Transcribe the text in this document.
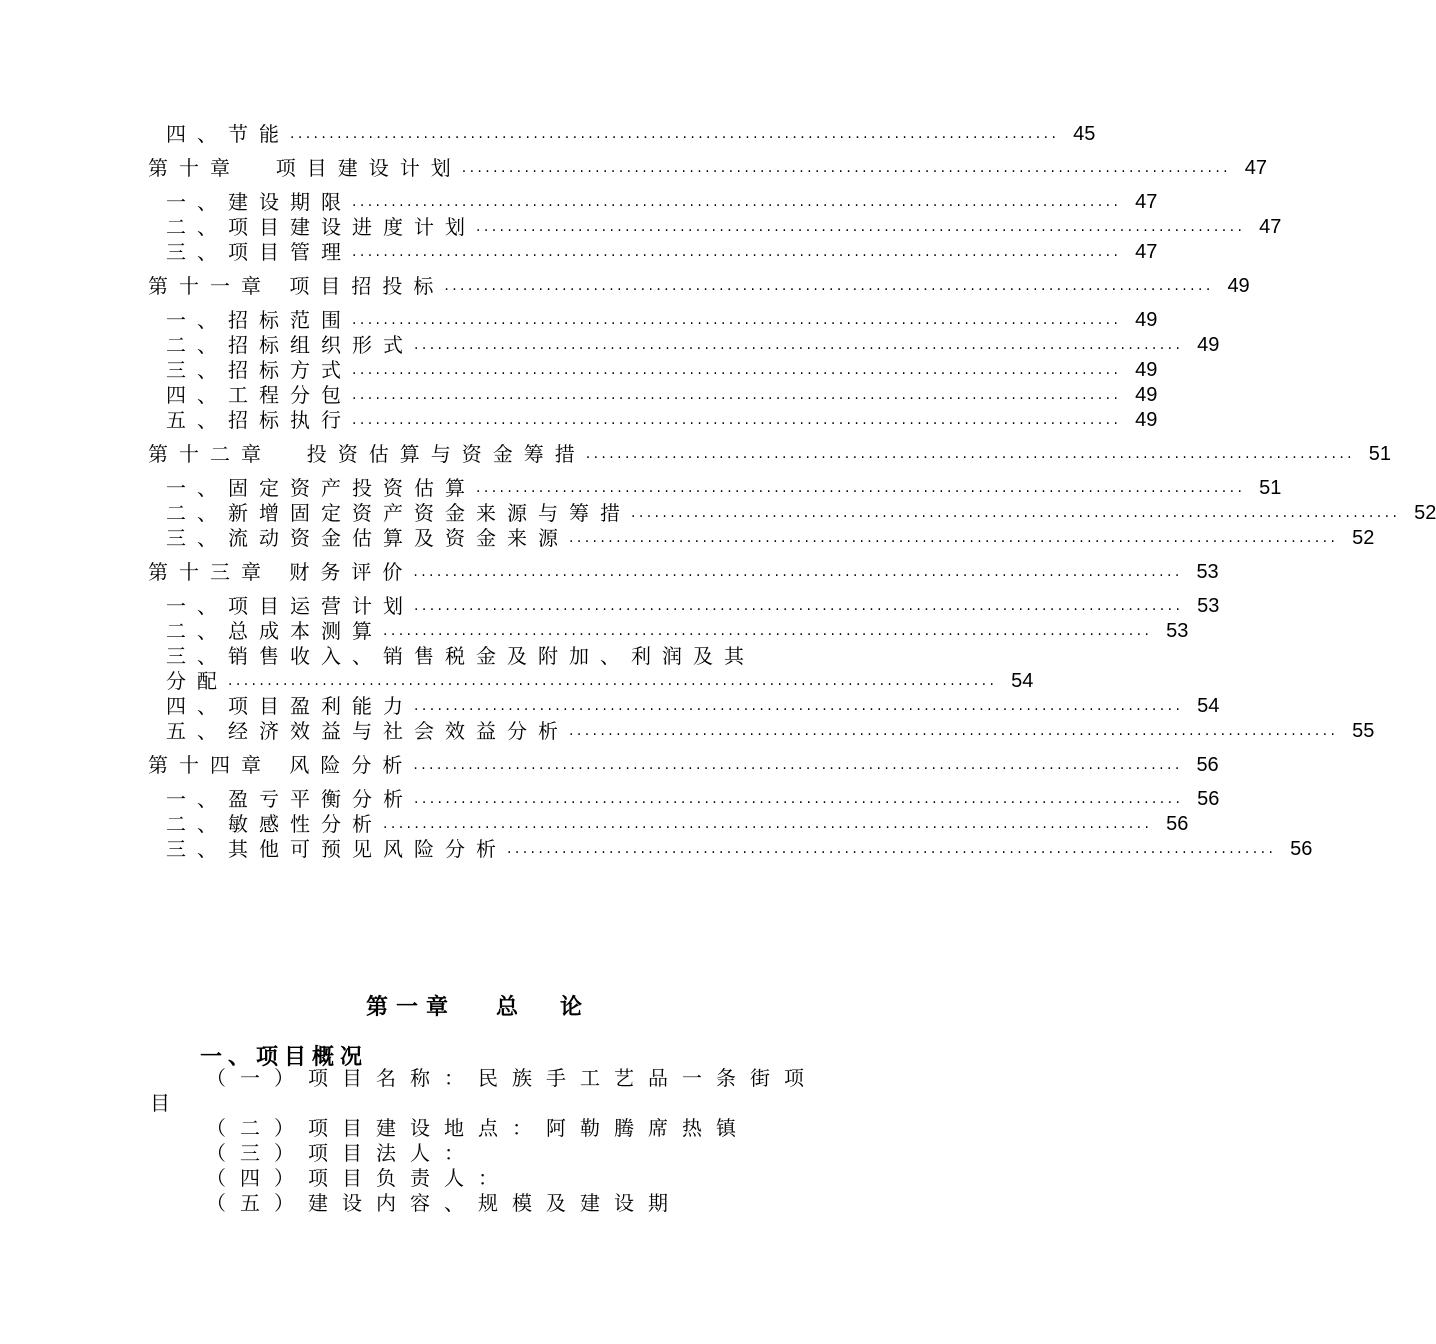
四、节能 .................................................................................................. 45
第十章  项目建设计划 .................................................................................................. 47
一、建设期限 .................................................................................................. 47
二、项目建设进度计划 .................................................................................................. 47
三、项目管理 .................................................................................................. 47
第十一章 项目招投标 .................................................................................................. 49
一、招标范围 .................................................................................................. 49
二、招标组织形式 .................................................................................................. 49
三、招标方式 .................................................................................................. 49
四、工程分包 .................................................................................................. 49
五、招标执行 .................................................................................................. 49
第十二章  投资估算与资金筹措 .................................................................................................. 51
一、固定资产投资估算 .................................................................................................. 51
二、新增固定资产资金来源与筹措 .................................................................................................. 52
三、流动资金估算及资金来源 .................................................................................................. 52
第十三章 财务评价 .................................................................................................. 53
一、项目运营计划 .................................................................................................. 53
二、总成本测算 .................................................................................................. 53
三、销售收入、销售税金及附加、利润及其
分配 .................................................................................................. 54
四、项目盈利能力 .................................................................................................. 54
五、经济效益与社会效益分析 .................................................................................................. 55
第十四章 风险分析 .................................................................................................. 56
一、盈亏平衡分析 .................................................................................................. 56
二、敏感性分析 .................................................................................................. 56
三、其他可预见风险分析 .................................................................................................. 56
第一章 总 论
一、项目概况
（一）项目名称：民族手工艺品一条街项
目
（二）项目建设地点：阿勒腾席热镇
（三）项目法人：
（四）项目负责人：
（五）建设内容、规模及建设期
